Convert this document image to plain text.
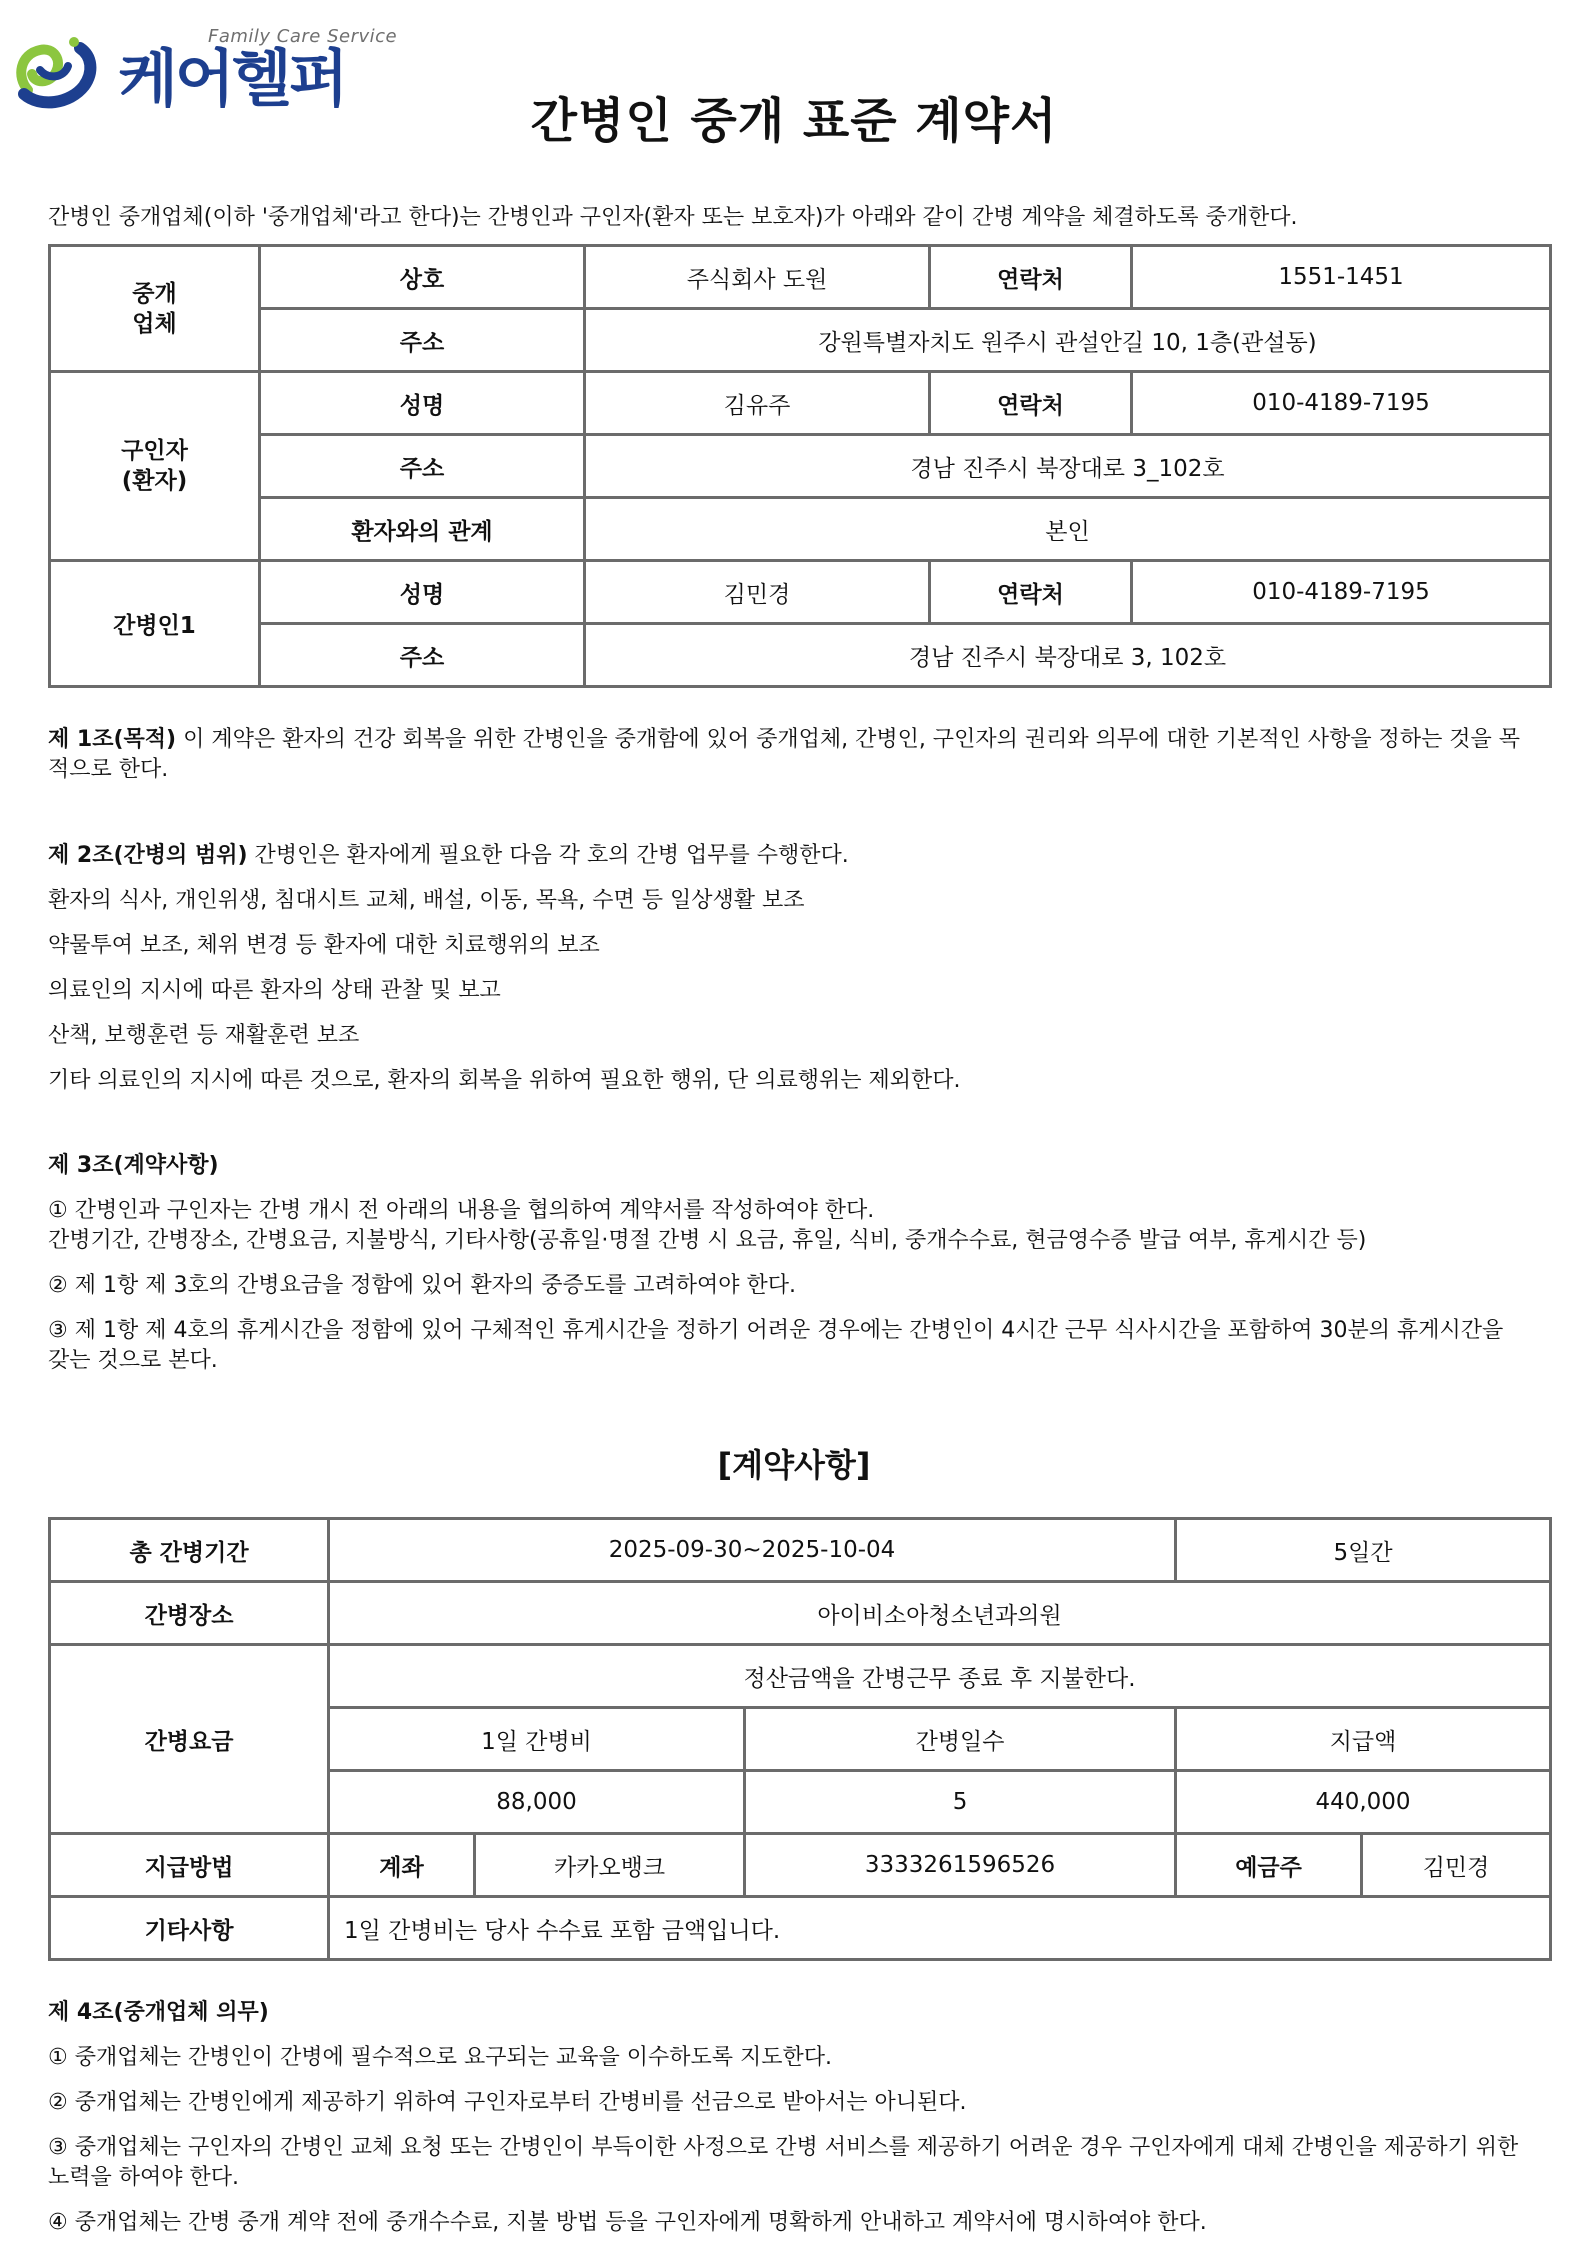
Family Care Service
케어헬퍼
간병인 중개 표준 계약서
간병인 중개업체(이하 '중개업체'라고 한다)는 간병인과 구인자(환자 또는 보호자)가 아래와 같이 간병 계약을 체결하도록 중개한다.
중개
업체	상호	주식회사 도원	연락처	1551-1451
	주소	강원특별자치도 원주시 관설안길 10, 1층(관설동)		
구인자
(환자)	성명	김유주	연락처	010-4189-7195
	주소	경남 진주시 북장대로 3_102호		
	환자와의 관계	본인		
간병인1	성명	김민경	연락처	010-4189-7195
	주소	경남 진주시 북장대로 3, 102호		
제 1조(목적) 이 계약은 환자의 건강 회복을 위한 간병인을 중개함에 있어 중개업체, 간병인, 구인자의 권리와 의무에 대한 기본적인 사항을 정하는 것을 목
적으로 한다.
제 2조(간병의 범위) 간병인은 환자에게 필요한 다음 각 호의 간병 업무를 수행한다.
환자의 식사, 개인위생, 침대시트 교체, 배설, 이동, 목욕, 수면 등 일상생활 보조
약물투여 보조, 체위 변경 등 환자에 대한 치료행위의 보조
의료인의 지시에 따른 환자의 상태 관찰 및 보고
산책, 보행훈련 등 재활훈련 보조
기타 의료인의 지시에 따른 것으로, 환자의 회복을 위하여 필요한 행위, 단 의료행위는 제외한다.
제 3조(계약사항)
① 간병인과 구인자는 간병 개시 전 아래의 내용을 협의하여 계약서를 작성하여야 한다.
간병기간, 간병장소, 간병요금, 지불방식, 기타사항(공휴일·명절 간병 시 요금, 휴일, 식비, 중개수수료, 현금영수증 발급 여부, 휴게시간 등)
② 제 1항 제 3호의 간병요금을 정함에 있어 환자의 중증도를 고려하여야 한다.
③ 제 1항 제 4호의 휴게시간을 정함에 있어 구체적인 휴게시간을 정하기 어려운 경우에는 간병인이 4시간 근무 식사시간을 포함하여 30분의 휴게시간을
갖는 것으로 본다.
[계약사항]
총 간병기간	2025-09-30~2025-10-04			5일간	
간병장소	아이비소아청소년과의원				
간병요금	정산금액을 간병근무 종료 후 지불한다.				
	1일 간병비		간병일수	지급액	
	88,000		5	440,000	
지급방법	계좌	카카오뱅크	3333261596526	예금주	김민경
기타사항	1일 간병비는 당사 수수료 포함 금액입니다.				
제 4조(중개업체 의무)
① 중개업체는 간병인이 간병에 필수적으로 요구되는 교육을 이수하도록 지도한다.
② 중개업체는 간병인에게 제공하기 위하여 구인자로부터 간병비를 선금으로 받아서는 아니된다.
③ 중개업체는 구인자의 간병인 교체 요청 또는 간병인이 부득이한 사정으로 간병 서비스를 제공하기 어려운 경우 구인자에게 대체 간병인을 제공하기 위한
노력을 하여야 한다.
④ 중개업체는 간병 중개 계약 전에 중개수수료, 지불 방법 등을 구인자에게 명확하게 안내하고 계약서에 명시하여야 한다.
